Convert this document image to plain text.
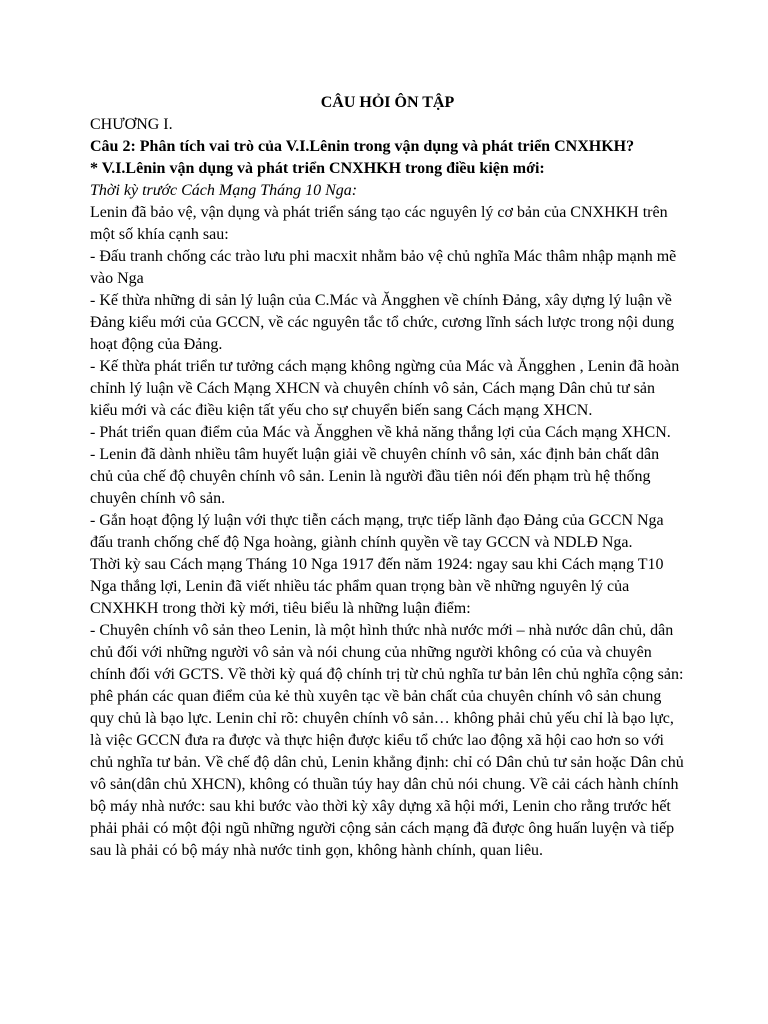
CÂU HỎI ÔN TẬP

CHƯƠNG I.

Câu 2: Phân tích vai trò của V.I.Lênin trong vận dụng và phát triển CNXHKH?

* V.I.Lênin vận dụng và phát triển CNXHKH trong điều kiện mới:

Thời kỳ trước Cách Mạng Tháng 10 Nga:

Lenin đã bảo vệ, vận dụng và phát triển sáng tạo các nguyên lý cơ bản của CNXHKH trên một số khía cạnh sau:

- Đấu tranh chống các trào lưu phi macxit nhằm bảo vệ chủ nghĩa Mác thâm nhập mạnh mẽ vào Nga

- Kế thừa những di sản lý luận của C.Mác và Ăngghen về chính Đảng, xây dựng lý luận về Đảng kiểu mới của GCCN, về các nguyên tắc tổ chức, cương lĩnh sách lược trong nội dung hoạt động của Đảng.

- Kế thừa phát triển tư tưởng cách mạng không ngừng của Mác và Ăngghen , Lenin đã hoàn chỉnh lý luận về Cách Mạng XHCN và chuyên chính vô sản, Cách mạng Dân chủ tư sản kiểu mới và các điều kiện tất yếu cho sự chuyển biến sang Cách mạng XHCN.

- Phát triển quan điểm của Mác và Ăngghen về khả năng thắng lợi của Cách mạng XHCN.

- Lenin đã dành nhiều tâm huyết luận giải về chuyên chính vô sản, xác định bản chất dân chủ của chế độ chuyên chính vô sản. Lenin là người đầu tiên nói đến phạm trù hệ thống chuyên chính vô sản.

- Gắn hoạt động lý luận với thực tiễn cách mạng, trực tiếp lãnh đạo Đảng của GCCN Nga đấu tranh chống chế độ Nga hoàng, giành chính quyền về tay GCCN và NDLĐ Nga.

Thời kỳ sau Cách mạng Tháng 10 Nga 1917 đến năm 1924: ngay sau khi Cách mạng T10 Nga thắng lợi, Lenin đã viết nhiều tác phẩm quan trọng bàn về những nguyên lý của CNXHKH trong thời kỳ mới, tiêu biểu là những luận điểm:

- Chuyên chính vô sản theo Lenin, là một hình thức nhà nước mới – nhà nước dân chủ, dân chủ đối với những người vô sản và nói chung của những người không có của và chuyên chính đối với GCTS. Về thời kỳ quá độ chính trị từ chủ nghĩa tư bản lên chủ nghĩa cộng sản: phê phán các quan điểm của kẻ thù xuyên tạc về bản chất của chuyên chính vô sản chung quy chủ là bạo lực. Lenin chỉ rõ: chuyên chính vô sản… không phải chủ yếu chỉ là bạo lực, là việc GCCN đưa ra được và thực hiện được kiểu tổ chức lao động xã hội cao hơn so với chủ nghĩa tư bản. Về chế độ dân chủ, Lenin khẳng định: chỉ có Dân chủ tư sản hoặc Dân chủ vô sản(dân chủ XHCN), không có thuần túy hay dân chủ nói chung. Về cải cách hành chính bộ máy nhà nước: sau khi bước vào thời kỳ xây dựng xã hội mới, Lenin cho rằng trước hết phải phải có một đội ngũ những người cộng sản cách mạng đã được ông huấn luyện và tiếp sau là phải có bộ máy nhà nước tinh gọn, không hành chính, quan liêu.
